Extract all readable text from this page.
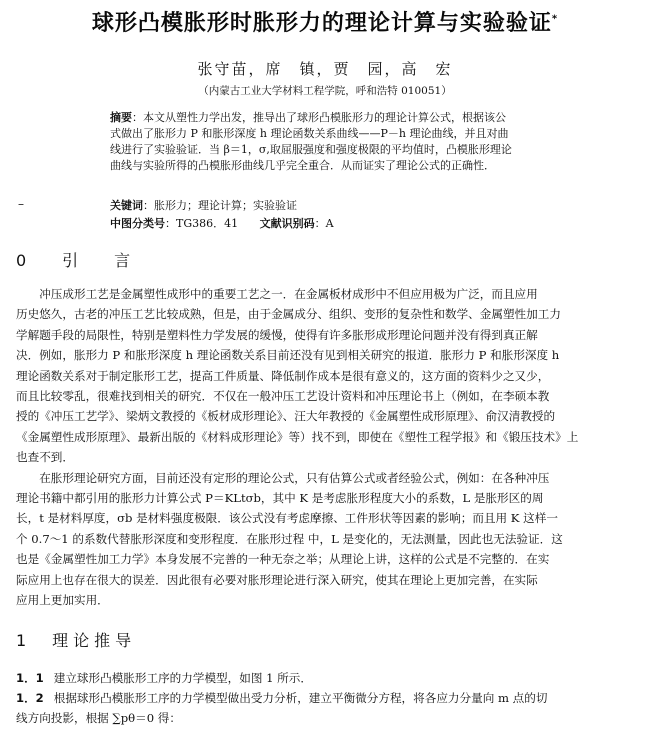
球形凸模胀形时胀形力的理论计算与实验验证*
张守苗，席　镇，贾　园，高　宏
（内蒙古工业大学材料工程学院，呼和浩特 010051）
摘要：本文从塑性力学出发，推导出了球形凸模胀形力的理论计算公式，根据该公
式做出了胀形力 P 和胀形深度 h 理论函数关系曲线——P－h 理论曲线，并且对曲
线进行了实验验证．当 β＝1，σ,取屈服强度和强度极限的平均值时，凸模胀形理论
曲线与实验所得的凸模胀形曲线几乎完全重合．从而证实了理论公式的正确性．
–	关键词：胀形力；理论计算；实验验证
中图分类号：TG386．41 文献识别码：A
0　引　言
　　冲压成形工艺是金属塑性成形中的重要工艺之一．在金属板材成形中不但应用极为广泛，而且应用
历史悠久，古老的冲压工艺比较成熟，但是，由于金属成分、组织、变形的复杂性和数学、金属塑性加工力
学解题手段的局限性，特别是塑料性力学发展的缓慢，使得有许多胀形成形理论问题并没有得到真正解
决．例如，胀形力 P 和胀形深度 h 理论函数关系目前还没有见到相关研究的报道．胀形力 P 和胀形深度 h
理论函数关系对于制定胀形工艺，提高工件质量、降低制作成本是很有意义的，这方面的资料少之又少，
而且比较零乱，很难找到相关的研究．不仅在一般冲压工艺设计资料和冲压理论书上（例如，在李硕本教
授的《冲压工艺学》、梁炳文教授的《板材成形理论》、汪大年教授的《金属塑性成形原理》、俞汉清教授的
《金属塑性成形原理》、最新出版的《材料成形理论》等）找不到，即使在《塑性工程学报》和《锻压技术》上
也查不到．
　　在胀形理论研究方面，目前还没有定形的理论公式，只有估算公式或者经验公式，例如：在各种冲压
理论书籍中都引用的胀形力计算公式 P＝KLtσb，其中 K 是考虑胀形程度大小的系数，L 是胀形区的周
长，t 是材料厚度，σb 是材料强度极限．该公式没有考虑摩擦、工件形状等因素的影响；而且用 K 这样一
个 0.7～1 的系数代替胀形深度和变形程度．在胀形过程 中，L 是变化的，无法测量，因此也无法验证．这
也是《金属塑性加工力学》本身发展不完善的一种无奈之举；从理论上讲，这样的公式是不完整的．在实
际应用上也存在很大的误差．因此很有必要对胀形理论进行深入研究，使其在理论上更加完善，在实际
应用上更加实用．
1　理论推导
1．1 建立球形凸模胀形工序的力学模型，如图 1 所示．
1．2 根据球形凸模胀形工序的力学模型做出受力分析，建立平衡微分方程，将各应力分量向 m 点的切
线方向投影，根据 ∑pθ＝0 得：
